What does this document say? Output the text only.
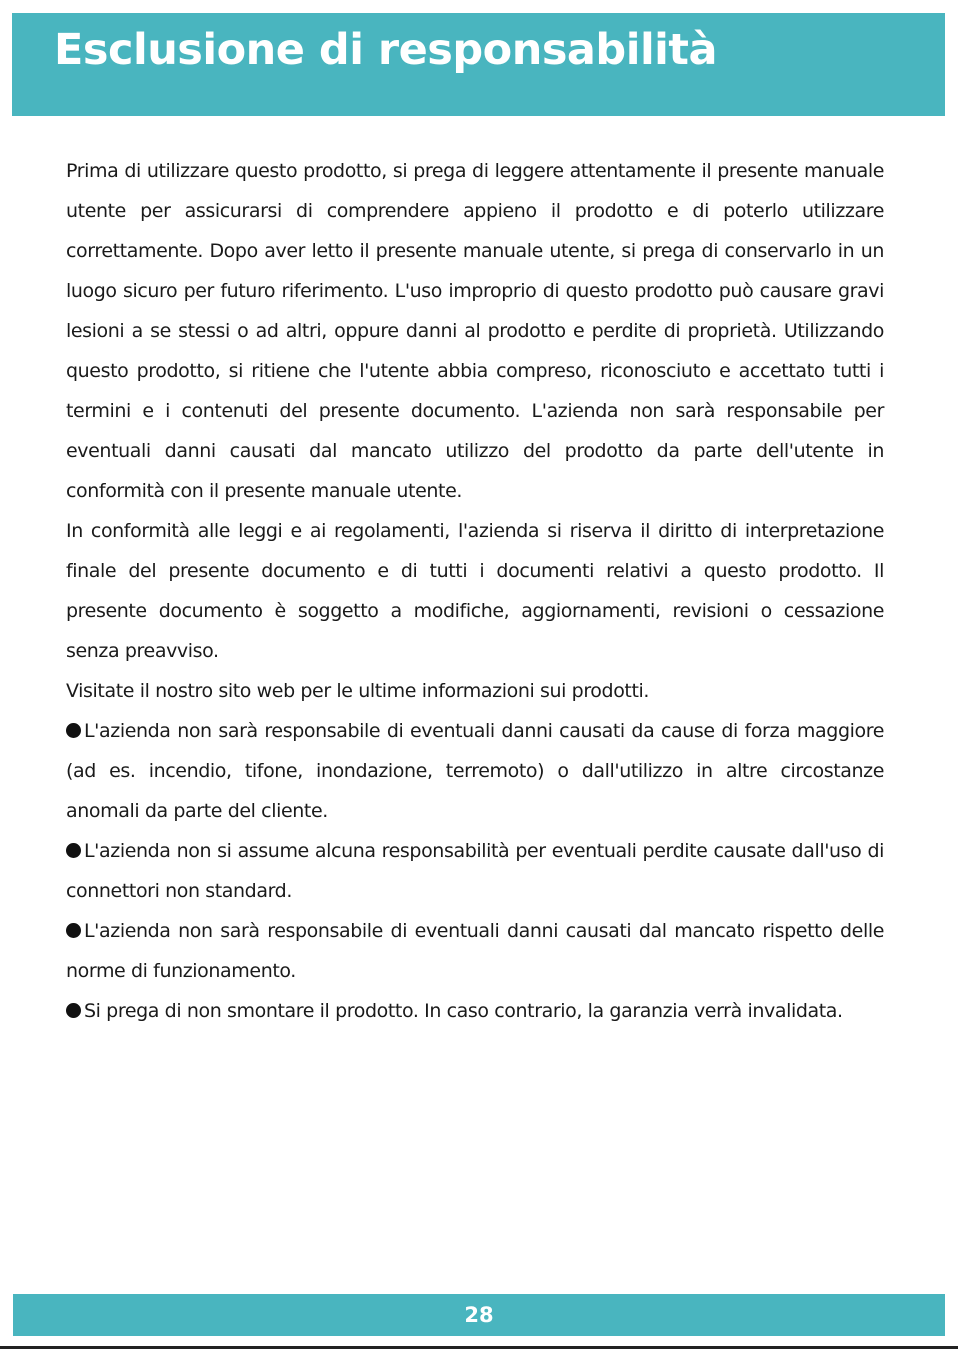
Esclusione di responsabilità

Prima di utilizzare questo prodotto, si prega di leggere attentamente il presente manuale utente per assicurarsi di comprendere appieno il prodotto e di poterlo utilizzare correttamente. Dopo aver letto il presente manuale utente, si prega di conservarlo in un luogo sicuro per futuro riferimento. L'uso improprio di questo prodotto può causare gravi lesioni a se stessi o ad altri, oppure danni al prodotto e perdite di proprietà. Utilizzando questo prodotto, si ritiene che l'utente abbia compreso, riconosciuto e accettato tutti i termini e i contenuti del presente documento. L'azienda non sarà responsabile per eventuali danni causati dal mancato utilizzo del prodotto da parte dell'utente in conformità con il presente manuale utente.

In conformità alle leggi e ai regolamenti, l'azienda si riserva il diritto di interpretazione finale del presente documento e di tutti i documenti relativi a questo prodotto. Il presente documento è soggetto a modifiche, aggiornamenti, revisioni o cessazione senza preavviso.

Visitate il nostro sito web per le ultime informazioni sui prodotti.

L'azienda non sarà responsabile di eventuali danni causati da cause di forza maggiore (ad es. incendio, tifone, inondazione, terremoto) o dall'utilizzo in altre circostanze anomali da parte del cliente.

L'azienda non si assume alcuna responsabilità per eventuali perdite causate dall'uso di connettori non standard.

L'azienda non sarà responsabile di eventuali danni causati dal mancato rispetto delle norme di funzionamento.

Si prega di non smontare il prodotto. In caso contrario, la garanzia verrà invalidata.

28
